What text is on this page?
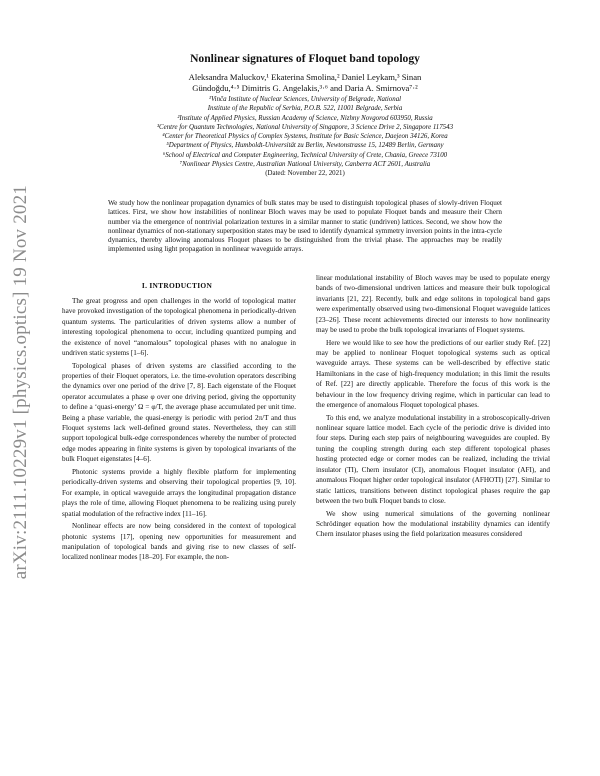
arXiv:2111.10229v1 [physics.optics] 19 Nov 2021
Nonlinear signatures of Floquet band topology
Aleksandra Maluckov,¹ Ekaterina Smolina,² Daniel Leykam,³ Sinan
Gündoğdu,⁴·⁵ Dimitris G. Angelakis,³·⁶ and Daria A. Smirnova⁷·²
¹Vinča Institute of Nuclear Sciences, University of Belgrade, National
Institute of the Republic of Serbia, P.O.B. 522, 11001 Belgrade, Serbia
²Institute of Applied Physics, Russian Academy of Science, Nizhny Novgorod 603950, Russia
³Centre for Quantum Technologies, National University of Singapore, 3 Science Drive 2, Singapore 117543
⁴Center for Theoretical Physics of Complex Systems, Institute for Basic Science, Daejeon 34126, Korea
⁵Department of Physics, Humboldt-Universität zu Berlin, Newtonstrasse 15, 12489 Berlin, Germany
⁶School of Electrical and Computer Engineering, Technical University of Crete, Chania, Greece 73100
⁷Nonlinear Physics Centre, Australian National University, Canberra ACT 2601, Australia
(Dated: November 22, 2021)
We study how the nonlinear propagation dynamics of bulk states may be used to distinguish topological phases of slowly-driven Floquet lattices. First, we show how instabilities of nonlinear Bloch waves may be used to populate Floquet bands and measure their Chern number via the emergence of nontrivial polarization textures in a similar manner to static (undriven) lattices. Second, we show how the nonlinear dynamics of non-stationary superposition states may be used to identify dynamical symmetry inversion points in the intra-cycle dynamics, thereby allowing anomalous Floquet phases to be distinguished from the trivial phase. The approaches may be readily implemented using light propagation in nonlinear waveguide arrays.
I. INTRODUCTION

The great progress and open challenges in the world of topological matter have provoked investigation of the topological phenomena in periodically-driven quantum systems. The particularities of driven systems allow a number of interesting topological phenomena to occur, including quantized pumping and the existence of novel “anomalous” topological phases with no analogue in undriven static systems [1–6].

Topological phases of driven systems are classified according to the properties of their Floquet operators, i.e. the time-evolution operators describing the dynamics over one period of the drive [7, 8]. Each eigenstate of the Floquet operator accumulates a phase φ over one driving period, giving the opportunity to define a ‘quasi-energy’ Ω = φ/T, the average phase accumulated per unit time. Being a phase variable, the quasi-energy is periodic with period 2π/T and thus Floquet systems lack well-defined ground states. Nevertheless, they can still support topological bulk-edge correspondences whereby the number of protected edge modes appearing in finite systems is given by topological invariants of the bulk Floquet eigenstates [4–6].

Photonic systems provide a highly flexible platform for implementing periodically-driven systems and observing their topological properties [9, 10]. For example, in optical waveguide arrays the longitudinal propagation distance plays the role of time, allowing Floquet phenomena to be realizing using purely spatial modulation of the refractive index [11–16].

Nonlinear effects are now being considered in the context of topological photonic systems [17], opening new opportunities for measurement and manipulation of topological bands and giving rise to new classes of self-localized nonlinear modes [18–20]. For example, the non-

linear modulational instability of Bloch waves may be used to populate energy bands of two-dimensional undriven lattices and measure their bulk topological invariants [21, 22]. Recently, bulk and edge solitons in topological band gaps were experimentally observed using two-dimensional Floquet waveguide lattices [23–26]. These recent achievements directed our interests to how nonlinearity may be used to probe the bulk topological invariants of Floquet systems.

Here we would like to see how the predictions of our earlier study Ref. [22] may be applied to nonlinear Floquet topological systems such as optical waveguide arrays. These systems can be well-described by effective static Hamiltonians in the case of high-frequency modulation; in this limit the results of Ref. [22] are directly applicable. Therefore the focus of this work is the behaviour in the low frequency driving regime, which in particular can lead to the emergence of anomalous Floquet topological phases.

To this end, we analyze modulational instability in a stroboscopically-driven nonlinear square lattice model. Each cycle of the periodic drive is divided into four steps. During each step pairs of neighbouring waveguides are coupled. By tuning the coupling strength during each step different topological phases hosting protected edge or corner modes can be realized, including the trivial insulator (TI), Chern insulator (CI), anomalous Floquet insulator (AFI), and anomalous Floquet higher order topological insulator (AFHOTI) [27]. Similar to static lattices, transitions between distinct topological phases require the gap between the two bulk Floquet bands to close.

We show using numerical simulations of the governing nonlinear Schrödinger equation how the modulational instability dynamics can identify Chern insulator phases using the field polarization measures considered
